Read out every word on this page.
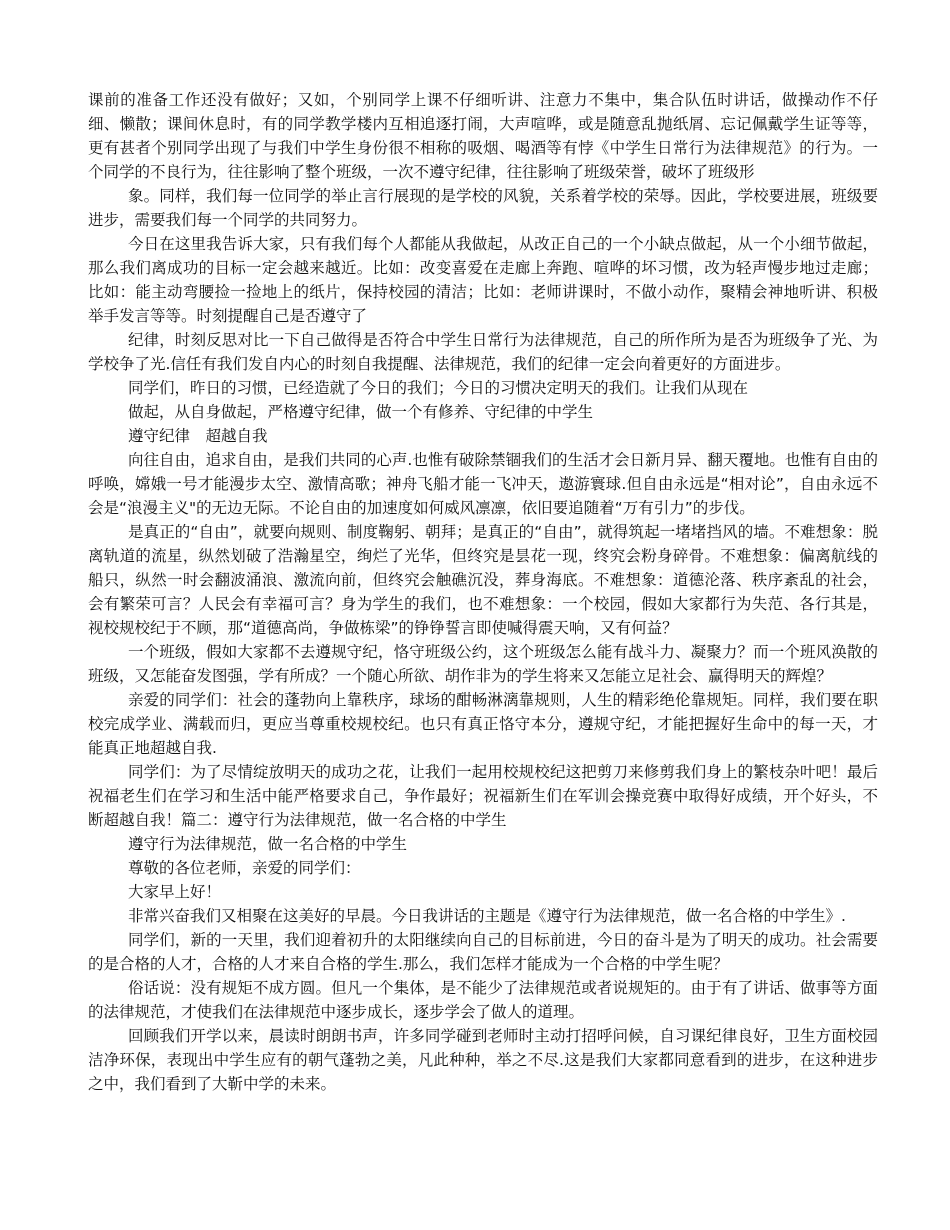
课前的准备工作还没有做好；又如，个别同学上课不仔细听讲、注意力不集中，集合队伍时讲话，做操动作不仔细、懒散；课间休息时，有的同学教学楼内互相追逐打闹，大声喧哗，或是随意乱抛纸屑、忘记佩戴学生证等等，更有甚者个别同学出现了与我们中学生身份很不相称的吸烟、喝酒等有悖《中学生日常行为法律规范》的行为。一个同学的不良行为，往往影响了整个班级，一次不遵守纪律，往往影响了班级荣誉，破坏了班级形

象。同样，我们每一位同学的举止言行展现的是学校的风貌，关系着学校的荣辱。因此，学校要进展，班级要进步，需要我们每一个同学的共同努力。

今日在这里我告诉大家，只有我们每个人都能从我做起，从改正自己的一个小缺点做起，从一个小细节做起，那么我们离成功的目标一定会越来越近。比如：改变喜爱在走廊上奔跑、喧哗的坏习惯，改为轻声慢步地过走廊；比如：能主动弯腰捡一捡地上的纸片，保持校园的清洁；比如：老师讲课时，不做小动作，聚精会神地听讲、积极举手发言等等。时刻提醒自己是否遵守了

纪律，时刻反思对比一下自己做得是否符合中学生日常行为法律规范，自己的所作所为是否为班级争了光、为学校争了光.信任有我们发自内心的时刻自我提醒、法律规范，我们的纪律一定会向着更好的方面进步。

同学们，昨日的习惯，已经造就了今日的我们；今日的习惯决定明天的我们。让我们从现在

做起，从自身做起，严格遵守纪律，做一个有修养、守纪律的中学生

遵守纪律　超越自我

向往自由，追求自由，是我们共同的心声.也惟有破除禁锢我们的生活才会日新月异、翻天覆地。也惟有自由的呼唤，嫦娥一号才能漫步太空、激情高歌；神舟飞船才能一飞冲天，遨游寰球.但自由永远是“相对论”，自由永远不会是“浪漫主义"的无边无际。不论自由的加速度如何威风凛凛，依旧要追随着“万有引力”的步伐。

是真正的“自由”，就要向规则、制度鞠躬、朝拜；是真正的“自由”，就得筑起一堵堵挡风的墙。不难想象：脱离轨道的流星，纵然划破了浩瀚星空，绚烂了光华，但终究是昙花一现，终究会粉身碎骨。不难想象：偏离航线的船只，纵然一时会翻波涌浪、激流向前，但终究会触礁沉没，葬身海底。不难想象：道德沦落、秩序紊乱的社会，会有繁荣可言？人民会有幸福可言？身为学生的我们，也不难想象：一个校园，假如大家都行为失范、各行其是，视校规校纪于不顾，那“道德高尚，争做栋梁”的铮铮誓言即使喊得震天响，又有何益？

一个班级，假如大家都不去遵规守纪，恪守班级公约，这个班级怎么能有战斗力、凝聚力？而一个班风涣散的班级，又怎能奋发图强，学有所成？一个随心所欲、胡作非为的学生将来又怎能立足社会、赢得明天的辉煌？

亲爱的同学们：社会的蓬勃向上靠秩序，球场的酣畅淋漓靠规则，人生的精彩绝伦靠规矩。同样，我们要在职校完成学业、满载而归，更应当尊重校规校纪。也只有真正恪守本分，遵规守纪，才能把握好生命中的每一天，才能真正地超越自我.

同学们：为了尽情绽放明天的成功之花，让我们一起用校规校纪这把剪刀来修剪我们身上的繁枝杂叶吧！最后祝福老生们在学习和生活中能严格要求自己，争作最好；祝福新生们在军训会操竞赛中取得好成绩，开个好头，不断超越自我！篇二：遵守行为法律规范，做一名合格的中学生

遵守行为法律规范，做一名合格的中学生

尊敬的各位老师，亲爱的同学们：

大家早上好！

非常兴奋我们又相聚在这美好的早晨。今日我讲话的主题是《遵守行为法律规范，做一名合格的中学生》.

同学们，新的一天里，我们迎着初升的太阳继续向自己的目标前进，今日的奋斗是为了明天的成功。社会需要的是合格的人才，合格的人才来自合格的学生.那么，我们怎样才能成为一个合格的中学生呢？

俗话说：没有规矩不成方圆。但凡一个集体，是不能少了法律规范或者说规矩的。由于有了讲话、做事等方面的法律规范，才使我们在法律规范中逐步成长，逐步学会了做人的道理。

回顾我们开学以来，晨读时朗朗书声，许多同学碰到老师时主动打招呼问候，自习课纪律良好，卫生方面校园洁净环保，表现出中学生应有的朝气蓬勃之美，凡此种种，举之不尽.这是我们大家都同意看到的进步，在这种进步之中，我们看到了大靳中学的未来。
